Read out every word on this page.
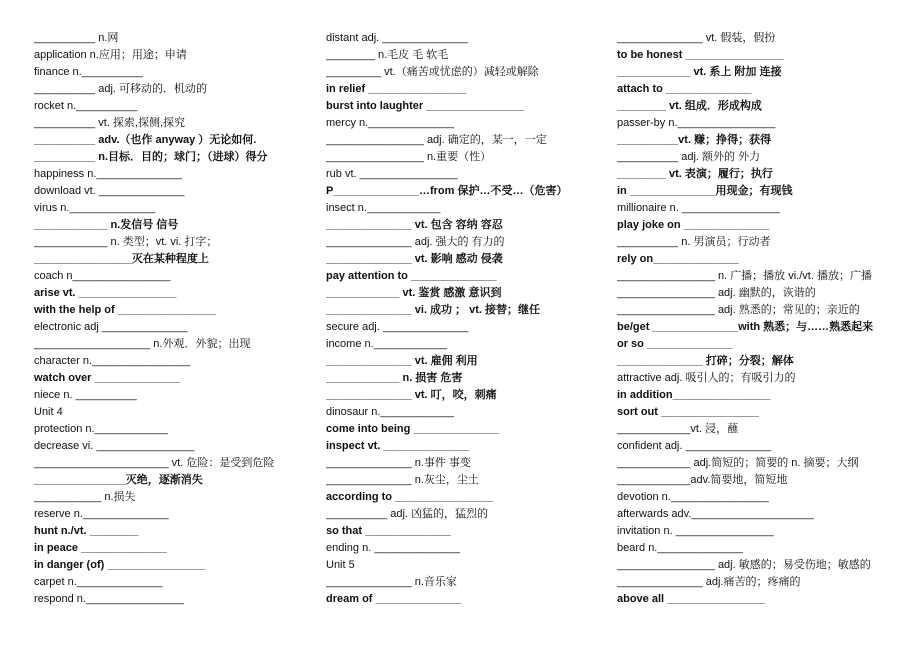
__________ n.网
application n.应用；用途；申请
finance n.__________
__________ adj. 可移动的．机动的
rocket n.__________
__________ vt. 探索,探侧,探究
__________ adv.（也作 anyway ）无论如何.
__________ n.目标．目的；球门；（进球）得分
happiness n.______________
download vt. ______________
virus n.______________
____________ n.发信号 信号
____________ n. 类型；vt. vi. 打字；
________________灭在某种程度上
coach n________________
arise vt. ________________
with the help of ________________
electronic adj ______________
___________________ n.外观．外貌；出现
character n.________________
watch over ______________
niece n. __________
Unit 4
protection n.____________
decrease vi. ________________
______________________ vt. 危险：是受到危险
_______________灭绝，逐渐消失
___________ n.损失
reserve n.______________
hunt n./vt. ________
in peace ______________
in danger (of) ________________
carpet n.______________
respond n.________________
distant adj. ______________
________ n.毛皮 毛 软毛
_________ vt.（痛苦或忧虑的）减轻或解除
in relief ________________
burst into laughter ________________
mercy n.______________
________________ adj. 确定的，某一，一定
________________ n.重要（性）
rub vt. ________________
P______________…from 保护…不受…（危害）
insect n.____________
______________ vt. 包含 容纳 容忍
______________ adj. 强大的 有力的
______________ vt. 影响 感动 侵袭
pay attention to ______________
____________ vt. 鉴赏 感激 意识到
______________ vi. 成功 ； vt. 接替；继任
secure adj. ______________
income n.____________
______________ vt. 雇佣 利用
____________ n. 损害 危害
______________ vt. 叮，咬，刺痛
dinosaur n.____________
come into being ______________
inspect vt. ______________
______________ n.事件 事变
______________ n.灰尘，尘土
according to ________________
__________ adj. 凶猛的，猛烈的
so that ______________
ending n. ______________
Unit 5
______________ n.音乐家
dream of ______________
______________ vt. 假装，假扮
to be honest ________________
____________ vt. 系上 附加 连接
attach to ______________
________ vt. 组成．形成构成
passer-by n.________________
__________vt. 赚；挣得；获得
__________ adj. 额外的 外力
________ vt. 表演；履行；执行
in ______________用现金；有现钱
millionaire n. ________________
play joke on ______________
__________ n. 男演员；行动者
rely on______________
________________ n. 广播；播放 vi./vt. 播放；广播
________________ adj. 幽默的，诙谐的
________________ adj. 熟悉的；常见的；亲近的
be/get ______________with 熟悉；与……熟悉起来
or so ______________
______________ 打碎；分裂；解体
attractive adj. 吸引人的；有吸引力的
in addition________________
sort out ________________
____________vt. 浸，蘸
confident adj. ______________
____________ adj.简短的；简要的 n. 摘要；大纲
____________adv.简要地，简短地
devotion n.________________
afterwards adv.____________________
invitation n. ________________
beard n.______________
________________ adj. 敏感的；易受伤地；敏感的
______________ adj.痛苦的；疼痛的
above all ________________
